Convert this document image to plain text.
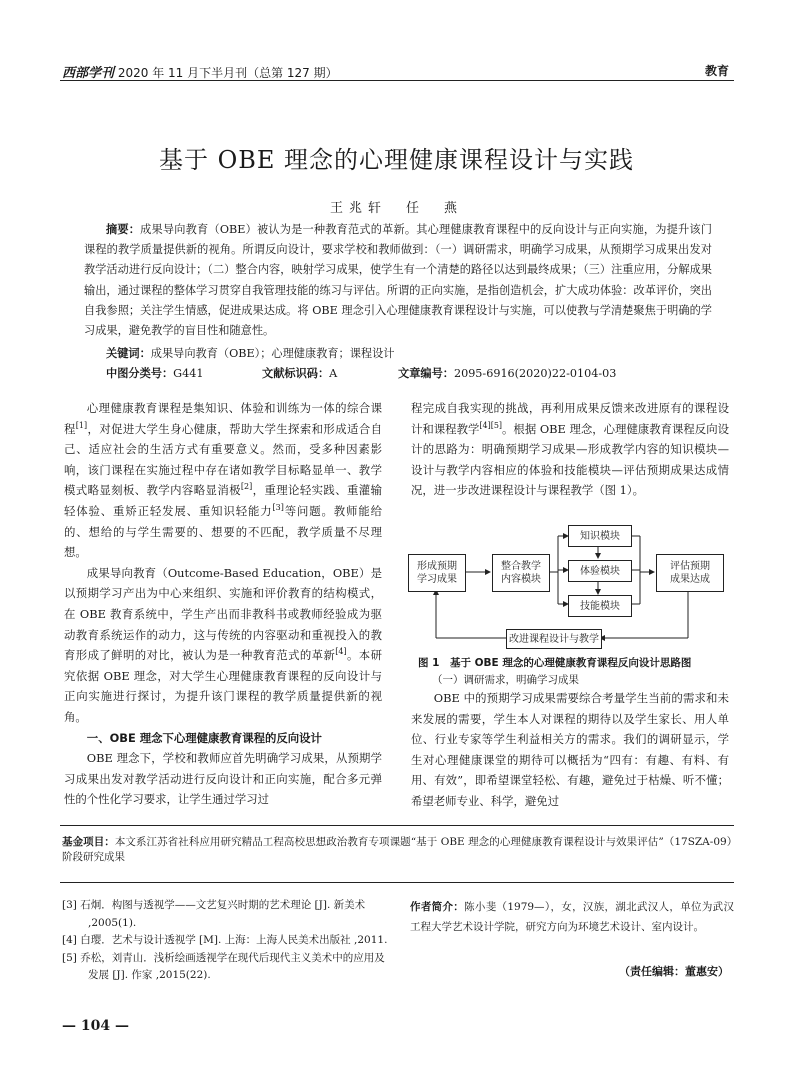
西部学刊 2020 年 11 月下半月刊（总第 127 期）	教育
基于 OBE 理念的心理健康课程设计与实践
王兆轩　任　燕
摘要：成果导向教育（OBE）被认为是一种教育范式的革新。其心理健康教育课程中的反向设计与正向实施，为提升该门课程的教学质量提供新的视角。所谓反向设计，要求学校和教师做到：（一）调研需求，明确学习成果，从预期学习成果出发对教学活动进行反向设计；（二）整合内容，映射学习成果，使学生有一个清楚的路径以达到最终成果；（三）注重应用，分解成果输出，通过课程的整体学习贯穿自我管理技能的练习与评估。所谓的正向实施，是指创造机会，扩大成功体验：改革评价，突出自我参照；关注学生情感，促进成果达成。将 OBE 理念引入心理健康教育课程设计与实施，可以使教与学清楚聚焦于明确的学习成果，避免教学的盲目性和随意性。
关键词：成果导向教育（OBE）；心理健康教育；课程设计
中图分类号：G441	文献标识码：A	文章编号：2095-6916(2020)22-0104-03

心理健康教育课程是集知识、体验和训练为一体的综合课程[1]，对促进大学生身心健康，帮助大学生探索和形成适合自己、适应社会的生活方式有重要意义。然而，受多种因素影响，该门课程在实施过程中存在诸如教学目标略显单一、教学模式略显刻板、教学内容略显消极[2]，重理论轻实践、重灌输轻体验、重矫正轻发展、重知识轻能力[3]等问题。教师能给的、想给的与学生需要的、想要的不匹配，教学质量不尽理想。

成果导向教育（Outcome-Based Education，OBE）是以预期学习产出为中心来组织、实施和评价教育的结构模式，在 OBE 教育系统中，学生产出而非教科书或教师经验成为驱动教育系统运作的动力，这与传统的内容驱动和重视投入的教育形成了鲜明的对比，被认为是一种教育范式的革新[4]。本研究依据 OBE 理念，对大学生心理健康教育课程的反向设计与正向实施进行探讨，为提升该门课程的教学质量提供新的视角。

一、OBE 理念下心理健康教育课程的反向设计

OBE 理念下，学校和教师应首先明确学习成果，从预期学习成果出发对教学活动进行反向设计和正向实施，配合多元弹性的个性化学习要求，让学生通过学习过

程完成自我实现的挑战，再利用成果反馈来改进原有的课程设计和课程教学[4][5]。根据 OBE 理念，心理健康教育课程反向设计的思路为：明确预期学习成果—形成教学内容的知识模块—设计与教学内容相应的体验和技能模块—评估预期成果达成情况，进一步改进课程设计与课程教学（图 1）。

形成预期
学习成果
整合教学
内容模块
知识模块
体验模块
技能模块
评估预期
成果达成
改进课程设计与教学
图 1　基于 OBE 理念的心理健康教育课程反向设计思路图

（一）调研需求，明确学习成果

OBE 中的预期学习成果需要综合考量学生当前的需求和未来发展的需要，学生本人对课程的期待以及学生家长、用人单位、行业专家等学生利益相关方的需求。我们的调研显示，学生对心理健康课堂的期待可以概括为“四有：有趣、有料、有用、有效”，即希望课堂轻松、有趣，避免过于枯燥、听不懂；希望老师专业、科学，避免过

基金项目：本文系江苏省社科应用研究精品工程高校思想政治教育专项课题“基于 OBE 理念的心理健康教育课程设计与效果评估”（17SZA-09）阶段研究成果
[3] 石炯．构图与透视学——文艺复兴时期的艺术理论 [J]. 新美术 ,2005(1).
[4] 白璎．艺术与设计透视学 [M]. 上海：上海人民美术出版社 ,2011.
[5] 乔松，刘青山．浅析绘画透视学在现代后现代主义美术中的应用及发展 [J]. 作家 ,2015(22).
作者简介：陈小斐（1979—），女，汉族，湖北武汉人，单位为武汉工程大学艺术设计学院，研究方向为环境艺术设计、室内设计。
（责任编辑：董惠安）
— 104 —
